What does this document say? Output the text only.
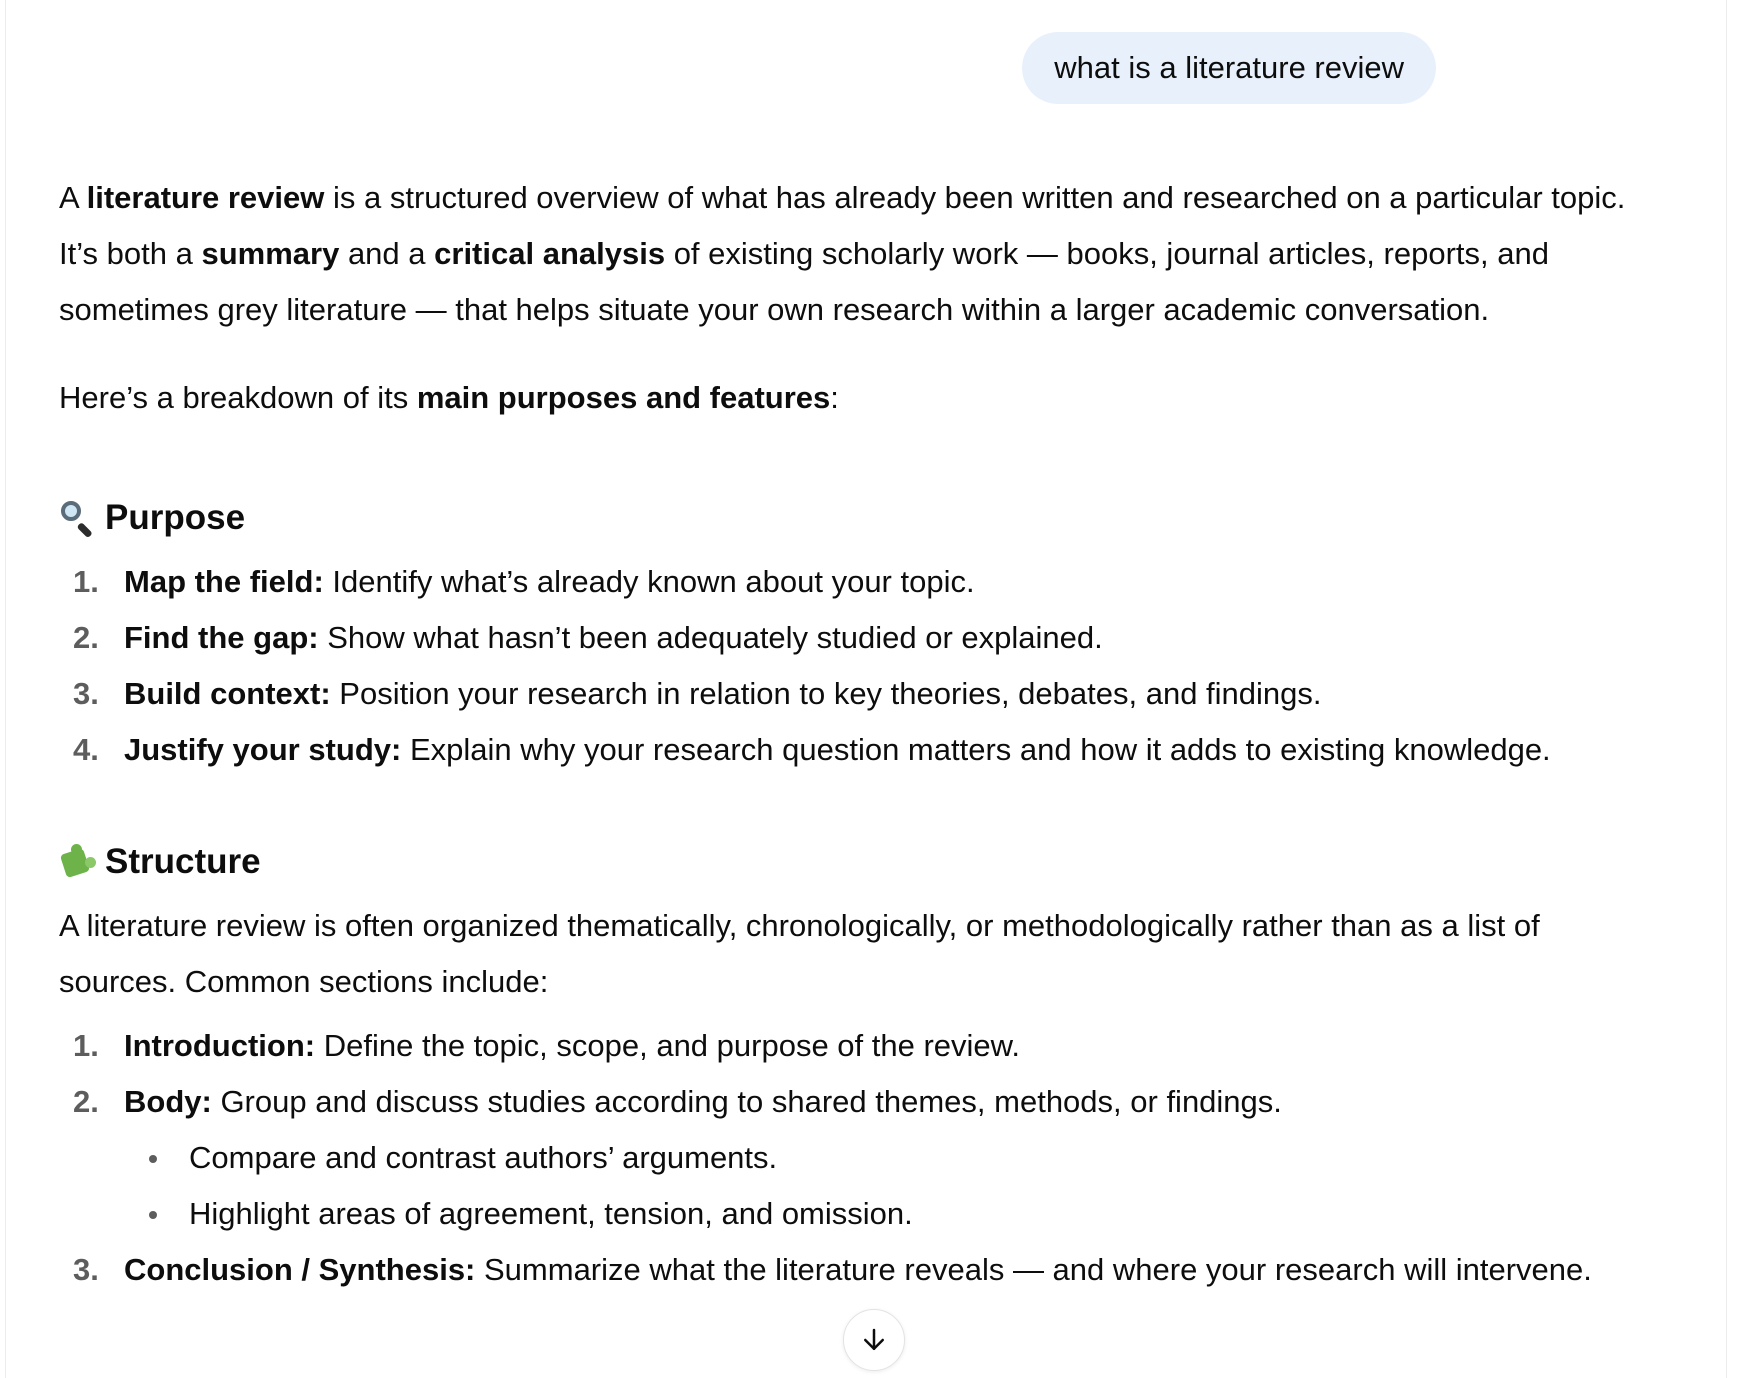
what is a literature review

A literature review is a structured overview of what has already been written and researched on a particular topic. It’s both a summary and a critical analysis of existing scholarly work — books, journal articles, reports, and sometimes grey literature — that helps situate your own research within a larger academic conversation.

Here’s a breakdown of its main purposes and features:

Purpose
1. Map the field: Identify what’s already known about your topic.
2. Find the gap: Show what hasn’t been adequately studied or explained.
3. Build context: Position your research in relation to key theories, debates, and findings.
4. Justify your study: Explain why your research question matters and how it adds to existing knowledge.
Structure

A literature review is often organized thematically, chronologically, or methodologically rather than as a list of sources. Common sections include:

1. Introduction: Define the topic, scope, and purpose of the review.
2. Body: Group and discuss studies according to shared themes, methods, or findings.
Compare and contrast authors’ arguments.
Highlight areas of agreement, tension, and omission.
3. Conclusion / Synthesis: Summarize what the literature reveals — and where your research will intervene.
